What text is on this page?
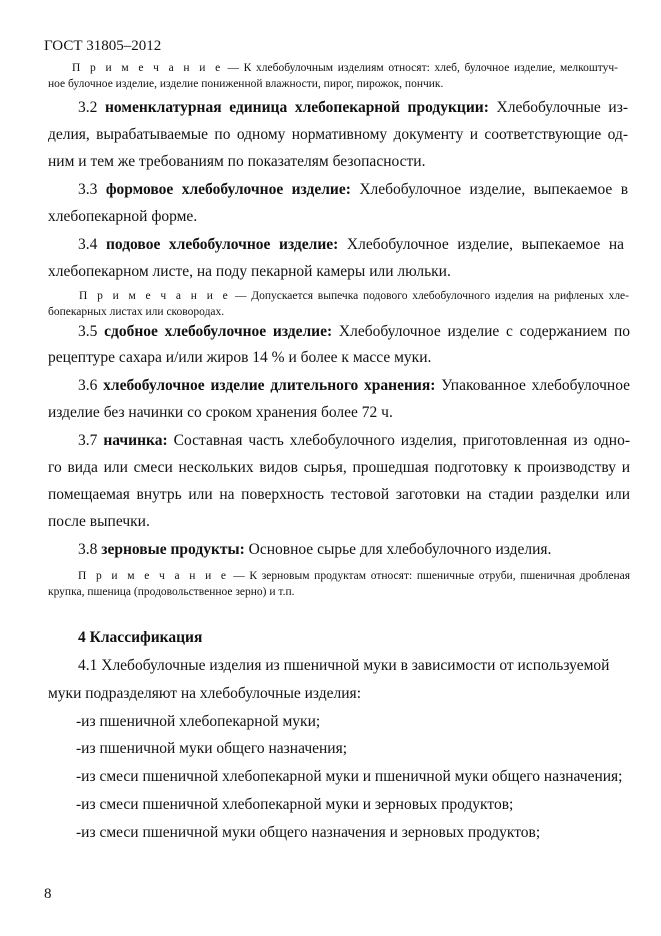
ГОСТ 31805–2012
П р и м е ч а н и е — К хлебобулочным изделиям относят: хлеб, булочное изделие, мелкоштуч-
ное булочное изделие, изделие пониженной влажности, пирог, пирожок, пончик.
3.2 номенклатурная единица хлебопекарной продукции: Хлебобулочные из-
делия, вырабатываемые по одному нормативному документу и соответствующие од-
ним и тем же требованиям по показателям безопасности.
3.3 формовое хлебобулочное изделие: Хлебобулочное изделие, выпекаемое в
хлебопекарной форме.
3.4 подовое хлебобулочное изделие: Хлебобулочное изделие, выпекаемое на
хлебопекарном листе, на поду пекарной камеры или люльки.
П р и м е ч а н и е — Допускается выпечка подового хлебобулочного изделия на рифленых хле-
бопекарных листах или сковородах.
3.5 сдобное хлебобулочное изделие: Хлебобулочное изделие с содержанием по
рецептуре сахара и/или жиров 14 % и более к массе муки.
3.6 хлебобулочное изделие длительного хранения: Упакованное хлебобулочное
изделие без начинки со сроком хранения более 72 ч.
3.7 начинка: Составная часть хлебобулочного изделия, приготовленная из одно-
го вида или смеси нескольких видов сырья, прошедшая подготовку к производству и
помещаемая внутрь или на поверхность тестовой заготовки на стадии разделки или
после выпечки.
3.8 зерновые продукты: Основное сырье для хлебобулочного изделия.
П р и м е ч а н и е — К зерновым продуктам относят: пшеничные отруби, пшеничная дробленая
крупка, пшеница (продовольственное зерно) и т.п.
4 Классификация
4.1 Хлебобулочные изделия из пшеничной муки в зависимости от используемой
муки подразделяют на хлебобулочные изделия:
-из пшеничной хлебопекарной муки;
-из пшеничной муки общего назначения;
-из смеси пшеничной хлебопекарной муки и пшеничной муки общего назначения;
-из смеси пшеничной хлебопекарной муки и зерновых продуктов;
-из смеси пшеничной муки общего назначения и зерновых продуктов;
8
